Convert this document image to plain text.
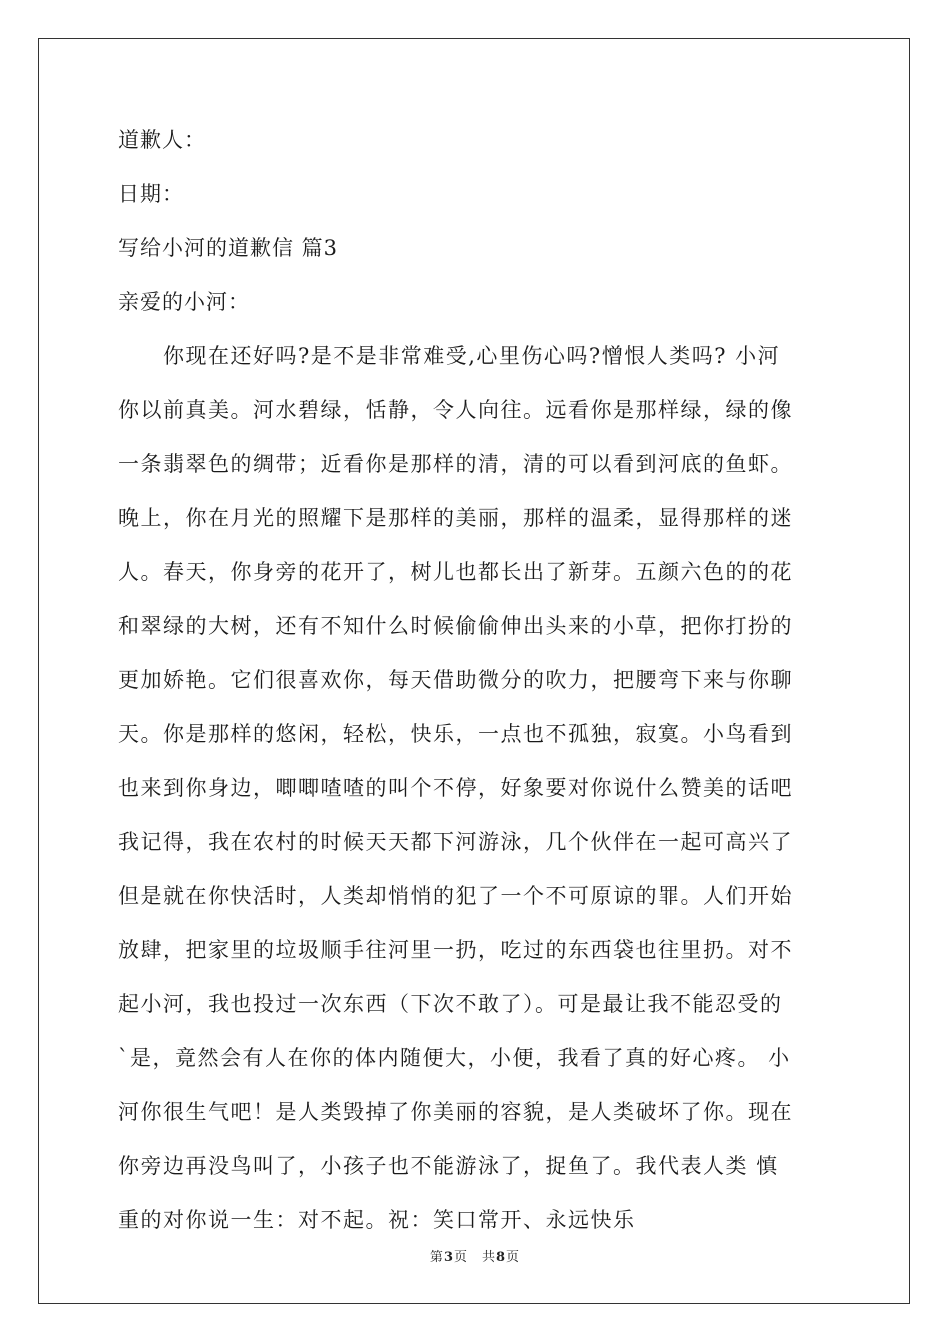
道歉人：
日期：
写给小河的道歉信 篇3
亲爱的小河：
　　你现在还好吗?是不是非常难受,心里伤心吗?憎恨人类吗? 小河
你以前真美。河水碧绿，恬静，令人向往。远看你是那样绿，绿的像
一条翡翠色的绸带；近看你是那样的清，清的可以看到河底的鱼虾。
晚上，你在月光的照耀下是那样的美丽，那样的温柔，显得那样的迷
人。春天，你身旁的花开了，树儿也都长出了新芽。五颜六色的的花
和翠绿的大树，还有不知什么时候偷偷伸出头来的小草，把你打扮的
更加娇艳。它们很喜欢你，每天借助微分的吹力，把腰弯下来与你聊
天。你是那样的悠闲，轻松，快乐，一点也不孤独，寂寞。小鸟看到
也来到你身边，唧唧喳喳的叫个不停，好象要对你说什么赞美的话吧
我记得，我在农村的时候天天都下河游泳，几个伙伴在一起可高兴了
但是就在你快活时，人类却悄悄的犯了一个不可原谅的罪。人们开始
放肆，把家里的垃圾顺手往河里一扔，吃过的东西袋也往里扔。对不
起小河，我也投过一次东西（下次不敢了）。可是最让我不能忍受的
`是，竟然会有人在你的体内随便大，小便，我看了真的好心疼。 小
河你很生气吧！是人类毁掉了你美丽的容貌，是人类破坏了你。现在
你旁边再没鸟叫了，小孩子也不能游泳了，捉鱼了。我代表人类 慎
重的对你说一生：对不起。祝：笑口常开、永远快乐
第3页　共8页
